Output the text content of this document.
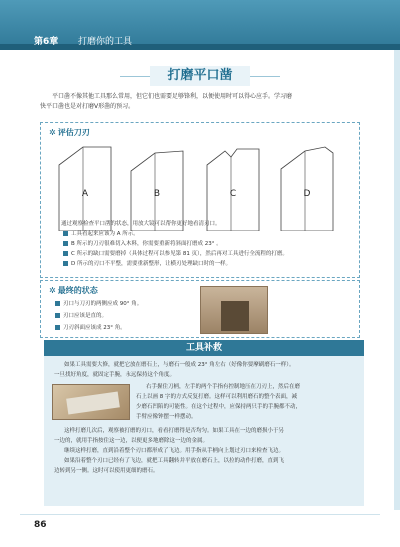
第6章 打磨你的工具
打磨平口凿
平口凿不像其他工具那么常用，但它们也需要足够锋利，以便使用时可以得心应手。学习磨
快平口凿也是对打磨V形凿的预习。
✲ 评估刀刃
A	B	C	D
通过观察检查平口凿的状态，用放大镜可以帮你更好地看清刃口。
工具看起来应该为 A 所示。
B 所示的刀刃很难切入木料，你需要重新将斜面打磨成 23° 。
C 所示的缺口需要磨掉（具体过程可以参见第 81 页），然后再对工具进行全流程的打磨。
D 所示的刃口不平整，需要重新整形，让横刃处理缺口时的一样。
✲ 最终的状态
刃口与刀刃的两侧应成 90° 角。
刃口应该是直的。
刀刃斜面应该成 23° 角。
工具补救
如果工具需要大修，就把它放在磨石上，与磨石一般成 23° 角左右（好像你要摩刷磨石一样）。
一旦找好角度，就固定手腕，永远保持这个角度。
右手握住刀柄，左手的两个手指有控制地压在刀刃上，然后在磨
石上以画 8 字的方式反复打磨。这样可以利用磨石的整个表面，减
少磨石凹陷的可能性。在这个过程中，应保持两只手的手腕都不动，
手臂应像钟摆一样摆动。
这样打磨几次后，观察被打磨的刃口，看看打磨得是否均匀。如果工具在一边的磨损小于另
一边的，就用手指按住这一边，以便更多地磨除这一边的金属。
继续这样打磨，直到沿着整个刃口都形成了飞边。用手指从手柄向上划过刃口来检查飞边。
如果沿着整个刃口已经有了飞边，就把工具翻转并平放在磨石上，以拉的动作打磨，直到飞
边转到另一侧。这时可以使用更细的磨石。
86
